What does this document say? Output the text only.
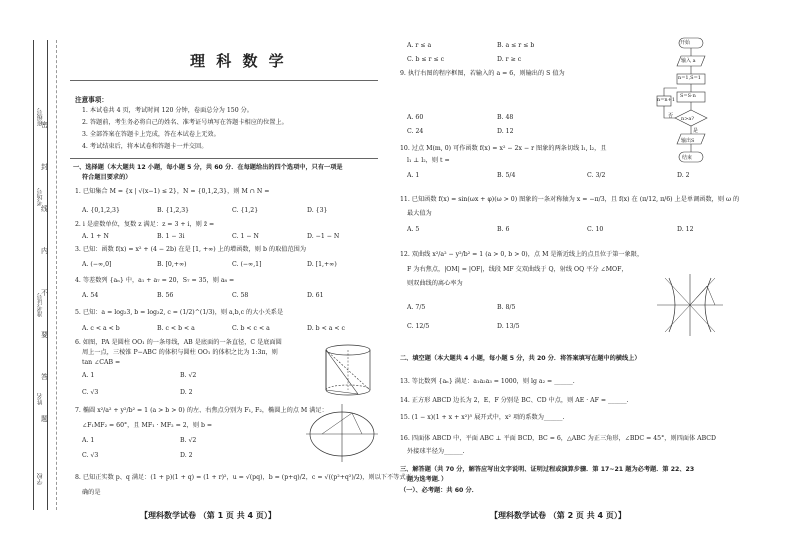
班级号
考场号
准考证号
姓名
学校
密
封
线
内
不
要
答
题
理 科 数 学
注意事项：
1. 本试卷共 4 页，考试时间 120 分钟，卷面总分为 150 分。
2. 答题前，考生务必将自己的姓名、准考证号填写在答题卡相应的位置上。
3. 全部答案在答题卡上完成，答在本试卷上无效。
4. 考试结束后，将本试卷和答题卡一并交回。
一、选择题（本大题共 12 小题，每小题 5 分，共 60 分．在每题给出的四个选项中，只有一项是
符合题目要求的）
1. 已知集合 M = {x | √(x−1) ≤ 2}，N = {0,1,2,3}，则 M ∩ N =
A. {0,1,2,3}	B. {1,2,3}	C. {1,2}	D. {3}
2. i 是虚数单位，复数 z 满足：z = 3 + i，则 z̄ =
A. 1 + N	B. 1 − 3i	C. 1 − N	D. −1 − N
3. 已知：函数 f(x) = x² + (4 − 2b) 在是 [1, +∞) 上的增函数，则 b 的取值范围为
A. (−∞,0]	B. [0,+∞)	C. (−∞,1]	D. [1,+∞)
4. 等差数列 {aₙ} 中，a₁ + a₇ = 20，S₇ = 35，则 a₈ =
A. 54	B. 56	C. 58	D. 61
5. 已知：a = log₂3, b = log₃2, c = (1/2)^(1/3)，则 a,b,c 的大小关系是
A. c < a < b	B. c < b < a	C. b < c < a	D. b < a < c
6. 如图，PA 是圆柱 OO₁ 的一条母线，AB 是底面的一条直径，C 是底面圆
周上一点，三棱锥 P−ABC 的体积与圆柱 OO₁ 的体积之比为 1:3π，则
tan ∠CAB =
A. 1	B. √2
C. √3	D. 2
7. 椭圆 x²/a² + y²/b² = 1 (a > b > 0) 的左、右焦点分别为 F₁, F₂，椭圆上的点 M 满足：
∠F₁MF₂ = 60°，且 MF₁ · MF₂ = 2，则 b =
A. 1	B. √2
C. √3	D. 2
8. 已知正实数 p、q 满足：(1 + p)(1 + q) = (1 + r)²，u = √(pq)，b = (p+q)/2，c = √((p²+q²)/2)，则以下不等式正
确的是
【理科数学试卷 （第 1 页 共 4 页）】
A. r ≤ a	B. a ≤ r ≤ b
C. b ≤ r ≤ c	D. r ≥ c
9. 执行右图的程序框图，若输入的 a = 6，则输出的 S 值为
A. 60	B. 48
C. 24	D. 12
开始
输入 a
n=1,S=1
S=S·n
n=n+1
n>a?
否
是
输出S
结束
10. 过点 M(m, 0) 可作函数 f(x) = x² − 2x − r 图象的两条切线 l₁, l₂，且
l₁ ⊥ l₂，则 t =
A. 1	B. 5/4	C. 3/2	D. 2
11. 已知函数 f(x) = sin(ωx + φ)(ω > 0) 图象的一条对称轴为 x = −π/3，且 f(x) 在 (π/12, π/6) 上是单调函数，则 ω 的
最大值为
A. 5	B. 6	C. 10	D. 12
12. 双曲线 x²/a² − y²/b² = 1 (a > 0, b > 0)，点 M 是渐近线上的点且位于第一象限，
F 为右焦点，|OM| = |OF|，线段 MF 交双曲线于 Q，射线 OQ 平分 ∠MOF，
则双曲线的离心率为
A. 7/5	B. 8/5
C. 12/5	D. 13/5
二、填空题（本大题共 4 小题，每小题 5 分，共 20 分．将答案填写在题中的横线上）
13. 等比数列 {aₙ} 满足：a₁a₂a₃ = 1000，则 lg a₂ = ______.
14. 正方形 ABCD 边长为 2，E、F 分别是 BC、CD 中点，则 AE · AF = ______.
15. (1 − x)(1 + x + x²)⁵ 展开式中，x² 项的系数为______.
16. 四面体 ABCD 中，平面 ABC ⊥ 平面 BCD，BC = 6，△ABC 为正三角形，∠BDC = 45°，则四面体 ABCD
外接球半径为______.
三、解答题（共 70 分，解答应写出文字说明、证明过程或演算步骤．第 17~21 题为必考题．第 22、23
题为选考题．）
（一）、必考题：共 60 分．
【理科数学试卷 （第 2 页 共 4 页）】
